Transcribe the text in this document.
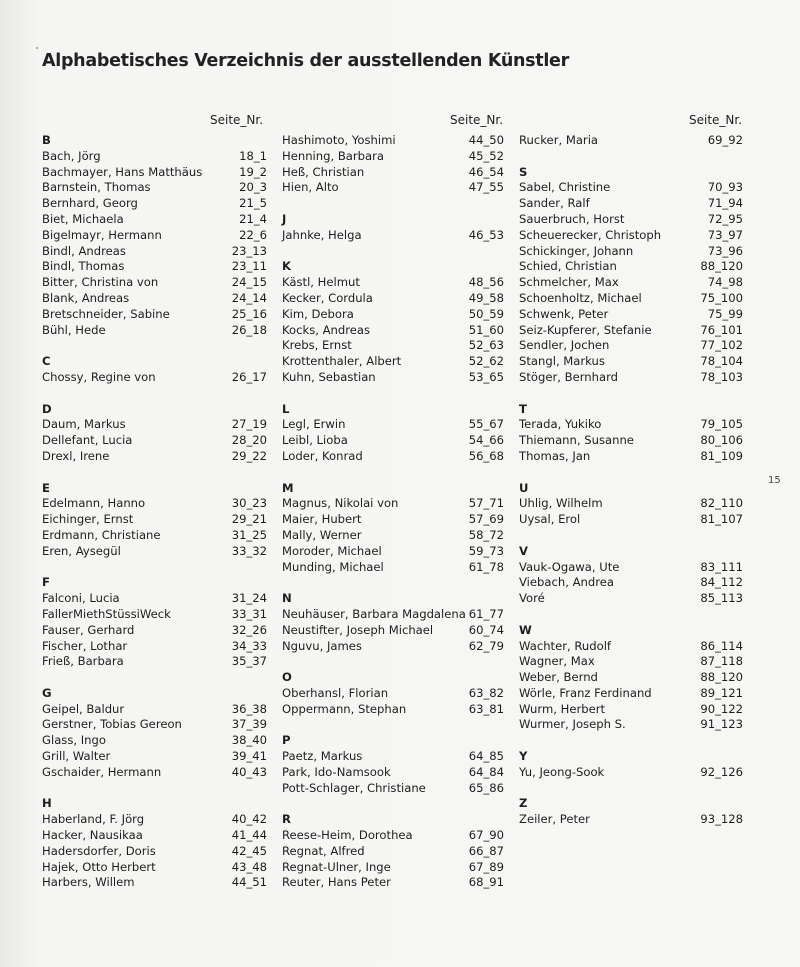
Alphabetisches Verzeichnis der ausstellenden Künstler
Seite_Nr.
B
Bach, Jörg	18_1
Bachmayer, Hans Matthäus	19_2
Barnstein, Thomas	20_3
Bernhard, Georg	21_5
Biet, Michaela	21_4
Bigelmayr, Hermann	22_6
Bindl, Andreas	23_13
Bindl, Thomas	23_11
Bitter, Christina von	24_15
Blank, Andreas	24_14
Bretschneider, Sabine	25_16
Bühl, Hede	26_18
C
Chossy, Regine von	26_17
D
Daum, Markus	27_19
Dellefant, Lucia	28_20
Drexl, Irene	29_22
E
Edelmann, Hanno	30_23
Eichinger, Ernst	29_21
Erdmann, Christiane	31_25
Eren, Aysegül	33_32
F
Falconi, Lucia	31_24
FallerMiethStüssiWeck	33_31
Fauser, Gerhard	32_26
Fischer, Lothar	34_33
Frieß, Barbara	35_37
G
Geipel, Baldur	36_38
Gerstner, Tobias Gereon	37_39
Glass, Ingo	38_40
Grill, Walter	39_41
Gschaider, Hermann	40_43
H
Haberland, F. Jörg	40_42
Hacker, Nausikaa	41_44
Hadersdorfer, Doris	42_45
Hajek, Otto Herbert	43_48
Harbers, Willem	44_51
Seite_Nr.
Hashimoto, Yoshimi	44_50
Henning, Barbara	45_52
Heß, Christian	46_54
Hien, Alto	47_55
J
Jahnke, Helga	46_53
K
Kästl, Helmut	48_56
Kecker, Cordula	49_58
Kim, Debora	50_59
Kocks, Andreas	51_60
Krebs, Ernst	52_63
Krottenthaler, Albert	52_62
Kuhn, Sebastian	53_65
L
Legl, Erwin	55_67
Leibl, Lioba	54_66
Loder, Konrad	56_68
M
Magnus, Nikolai von	57_71
Maier, Hubert	57_69
Mally, Werner	58_72
Moroder, Michael	59_73
Munding, Michael	61_78
N
Neuhäuser, Barbara Magdalena 61_77
Neustifter, Joseph Michael	60_74
Nguvu, James	62_79
O
Oberhansl, Florian	63_82
Oppermann, Stephan	63_81
P
Paetz, Markus	64_85
Park, Ido-Namsook	64_84
Pott-Schlager, Christiane	65_86
R
Reese-Heim, Dorothea	67_90
Regnat, Alfred	66_87
Regnat-Ulner, Inge	67_89
Reuter, Hans Peter	68_91
Seite_Nr.
Rucker, Maria	69_92
S
Sabel, Christine	70_93
Sander, Ralf	71_94
Sauerbruch, Horst	72_95
Scheuerecker, Christoph	73_97
Schickinger, Johann	73_96
Schied, Christian	88_120
Schmelcher, Max	74_98
Schoenholtz, Michael	75_100
Schwenk, Peter	75_99
Seiz-Kupferer, Stefanie	76_101
Sendler, Jochen	77_102
Stangl, Markus	78_104
Stöger, Bernhard	78_103
T
Terada, Yukiko	79_105
Thiemann, Susanne	80_106
Thomas, Jan	81_109
U
Uhlig, Wilhelm	82_110
Uysal, Erol	81_107
V
Vauk-Ogawa, Ute	83_111
Viebach, Andrea	84_112
Voré	85_113
W
Wachter, Rudolf	86_114
Wagner, Max	87_118
Weber, Bernd	88_120
Wörle, Franz Ferdinand	89_121
Wurm, Herbert	90_122
Wurmer, Joseph S.	91_123
Y
Yu, Jeong-Sook	92_126
Z
Zeiler, Peter	93_128
15
